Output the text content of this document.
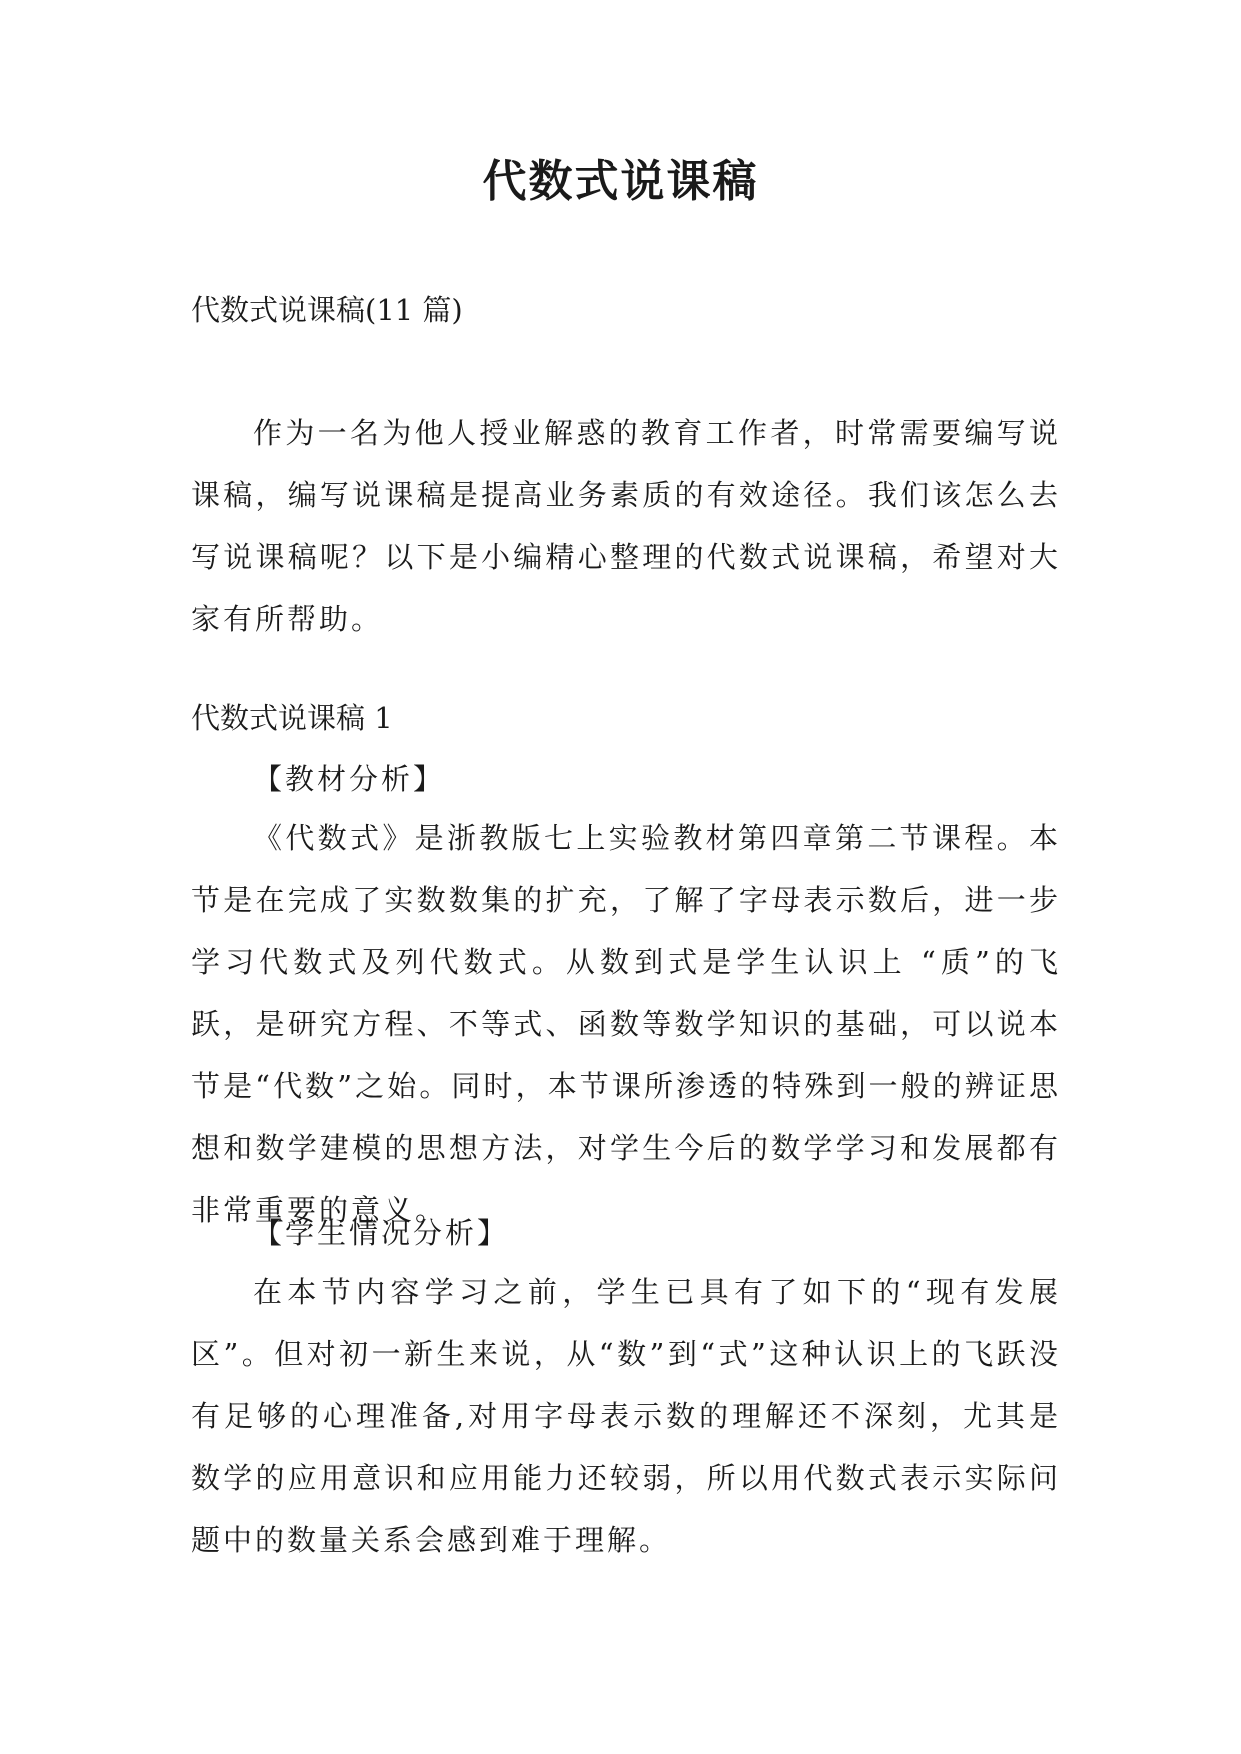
代数式说课稿

代数式说课稿(11 篇)

作为一名为他人授业解惑的教育工作者，时常需要编写说课稿，编写说课稿是提高业务素质的有效途径。我们该怎么去写说课稿呢？以下是小编精心整理的代数式说课稿，希望对大家有所帮助。

代数式说课稿 1

【教材分析】

《代数式》是浙教版七上实验教材第四章第二节课程。本节是在完成了实数数集的扩充，了解了字母表示数后，进一步学习代数式及列代数式。从数到式是学生认识上 “质”的飞跃，是研究方程、不等式、函数等数学知识的基础，可以说本节是“代数”之始。同时，本节课所渗透的特殊到一般的辨证思想和数学建模的思想方法，对学生今后的数学学习和发展都有非常重要的意义。

【学生情况分析】

在本节内容学习之前，学生已具有了如下的“现有发展区”。但对初一新生来说，从“数”到“式”这种认识上的飞跃没有足够的心理准备,对用字母表示数的理解还不深刻，尤其是数学的应用意识和应用能力还较弱，所以用代数式表示实际问题中的数量关系会感到难于理解。
